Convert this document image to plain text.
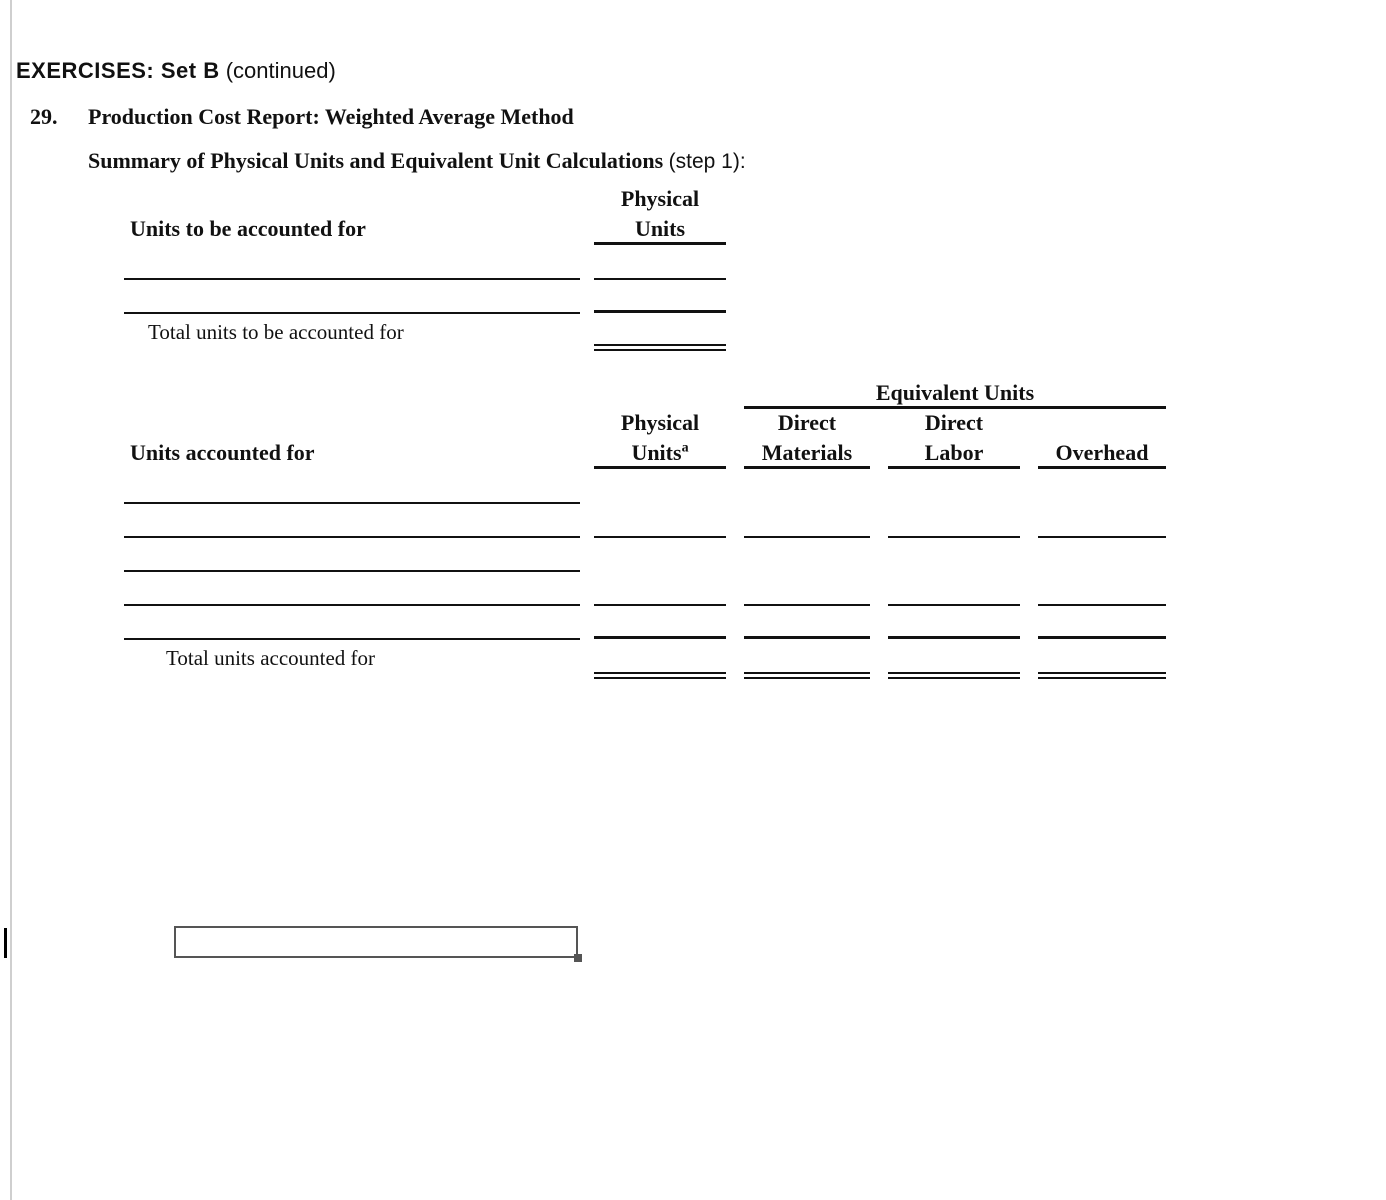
EXERCISES: Set B (continued)
29. Production Cost Report: Weighted Average Method
Summary of Physical Units and Equivalent Unit Calculations (step 1):
Units to be accounted for
Physical
Units
Total units to be accounted for
Equivalent Units
Units accounted for
Physical
Units$^a$
Direct
Materials
Direct
Labor	Overhead
Total units accounted for
